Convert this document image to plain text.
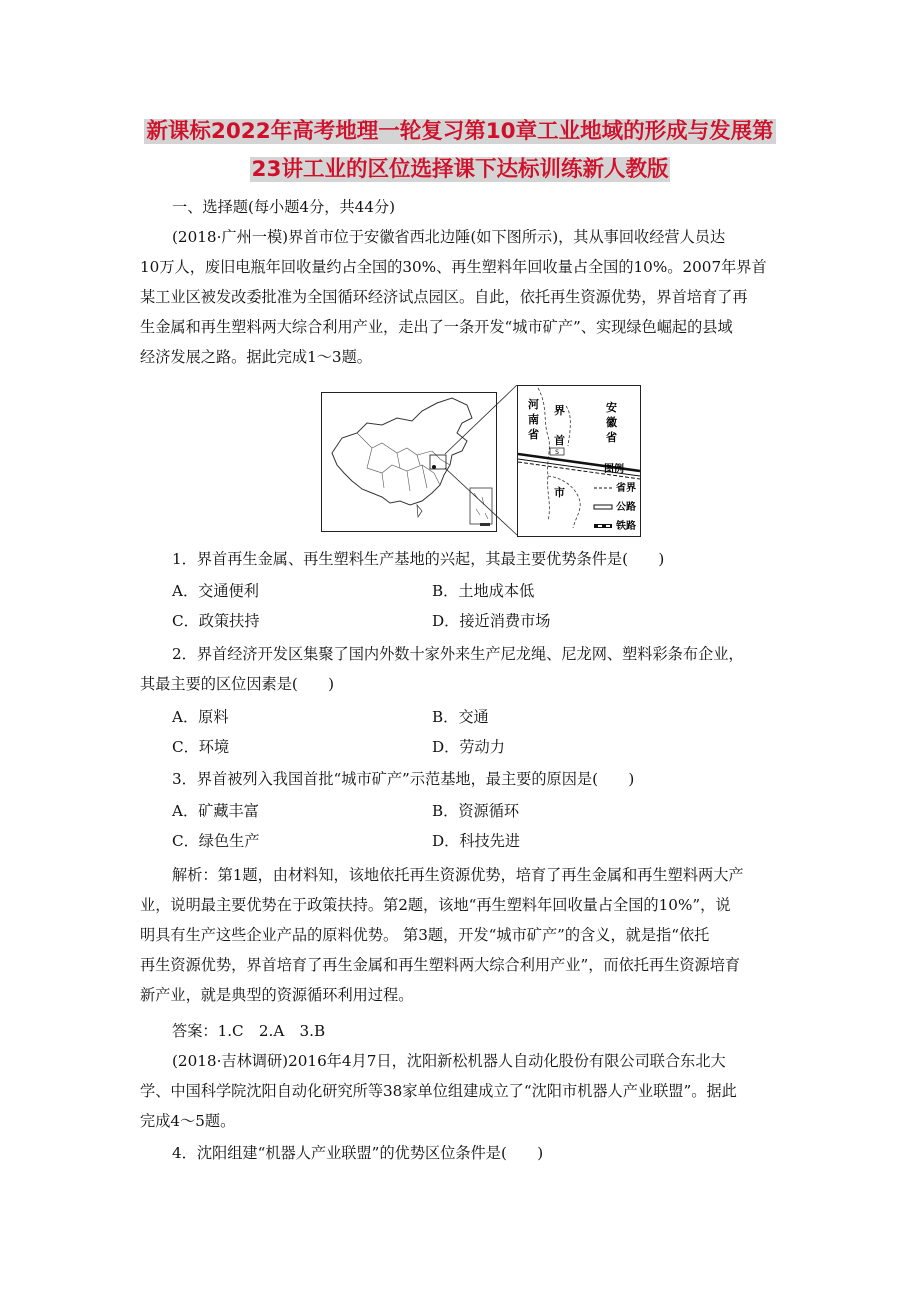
新课标2022年高考地理一轮复习第10章工业地域的形成与发展第
23讲工业的区位选择课下达标训练新人教版
一、选择题(每小题4分，共44分)
(2018·广州一模)界首市位于安徽省西北边陲(如下图所示)，其从事回收经营人员达
10万人，废旧电瓶年回收量约占全国的30%、再生塑料年回收量占全国的10%。2007年界首
某工业区被发改委批准为全国循环经济试点园区。自此，依托再生资源优势，界首培育了再
生金属和再生塑料两大综合利用产业，走出了一条开发“城市矿产”、实现绿色崛起的县域
经济发展之路。据此完成1～3题。
S
河
南
省
安
徽
省
界
首
市
图例
省界
公路
铁路
1．界首再生金属、再生塑料生产基地的兴起，其最主要优势条件是(　　)
A．交通便利	B．土地成本低
C．政策扶持	D．接近消费市场
2．界首经济开发区集聚了国内外数十家外来生产尼龙绳、尼龙网、塑料彩条布企业，
其最主要的区位因素是(　　)
A．原料	B．交通
C．环境	D．劳动力
3．界首被列入我国首批“城市矿产”示范基地，最主要的原因是(　　)
A．矿藏丰富	B．资源循环
C．绿色生产	D．科技先进
解析：第1题，由材料知，该地依托再生资源优势，培育了再生金属和再生塑料两大产
业，说明最主要优势在于政策扶持。第2题，该地“再生塑料年回收量占全国的10%”，说
明具有生产这些企业产品的原料优势。 第3题，开发“城市矿产”的含义，就是指“依托
再生资源优势，界首培育了再生金属和再生塑料两大综合利用产业”，而依托再生资源培育
新产业，就是典型的资源循环利用过程。
答案：1.C　2.A　3.B
(2018·吉林调研)2016年4月7日，沈阳新松机器人自动化股份有限公司联合东北大
学、中国科学院沈阳自动化研究所等38家单位组建成立了“沈阳市机器人产业联盟”。据此
完成4～5题。
4．沈阳组建“机器人产业联盟”的优势区位条件是(　　)
